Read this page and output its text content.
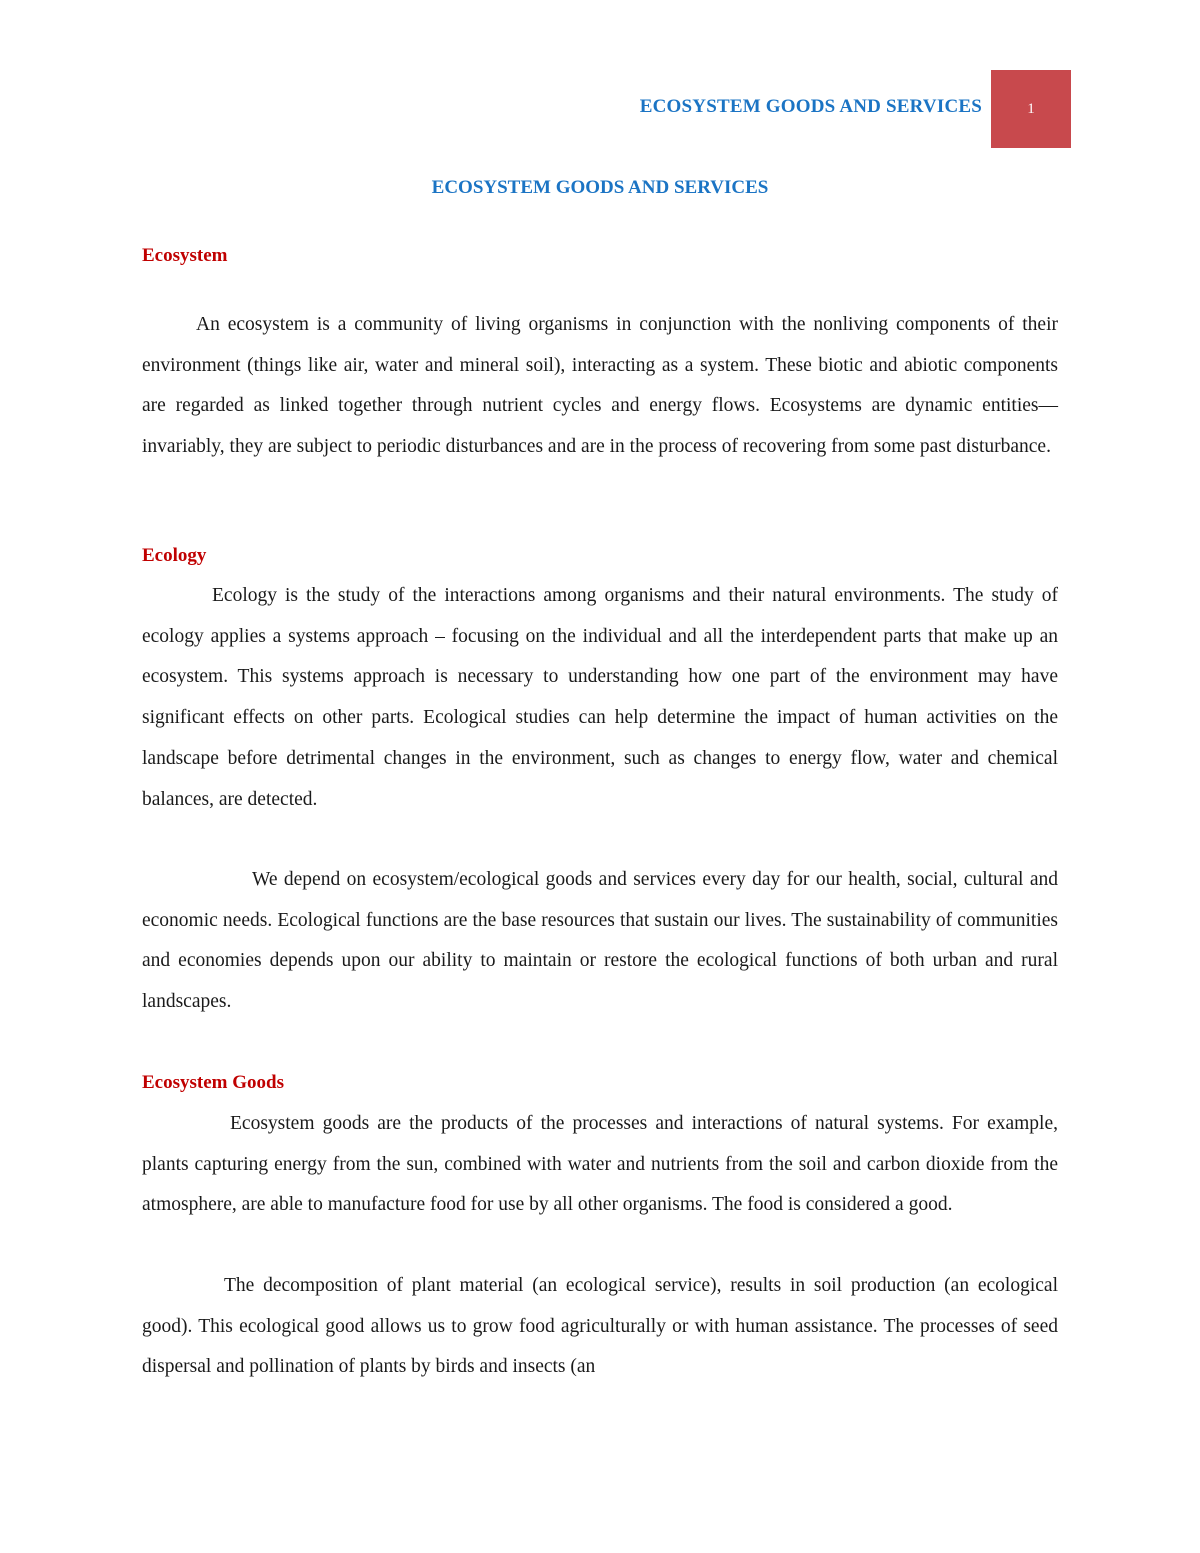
ECOSYSTEM GOODS AND SERVICES	1
ECOSYSTEM GOODS AND SERVICES
Ecosystem

An ecosystem is a community of living organisms in conjunction with the nonliving components of their environment (things like air, water and mineral soil), interacting as a system. These biotic and abiotic components are regarded as linked together through nutrient cycles and energy flows. Ecosystems are dynamic entities—invariably, they are subject to periodic disturbances and are in the process of recovering from some past disturbance.

Ecology

Ecology is the study of the interactions among organisms and their natural environments. The study of ecology applies a systems approach – focusing on the individual and all the interdependent parts that make up an ecosystem. This systems approach is necessary to understanding how one part of the environment may have significant effects on other parts. Ecological studies can help determine the impact of human activities on the landscape before detrimental changes in the environment, such as changes to energy flow, water and chemical balances, are detected.

We depend on ecosystem/ecological goods and services every day for our health, social, cultural and economic needs. Ecological functions are the base resources that sustain our lives. The sustainability of communities and economies depends upon our ability to maintain or restore the ecological functions of both urban and rural landscapes.

Ecosystem Goods

Ecosystem goods are the products of the processes and interactions of natural systems. For example, plants capturing energy from the sun, combined with water and nutrients from the soil and carbon dioxide from the atmosphere, are able to manufacture food for use by all other organisms. The food is considered a good.

The decomposition of plant material (an ecological service), results in soil production (an ecological good). This ecological good allows us to grow food agriculturally or with human assistance. The processes of seed dispersal and pollination of plants by birds and insects (an
